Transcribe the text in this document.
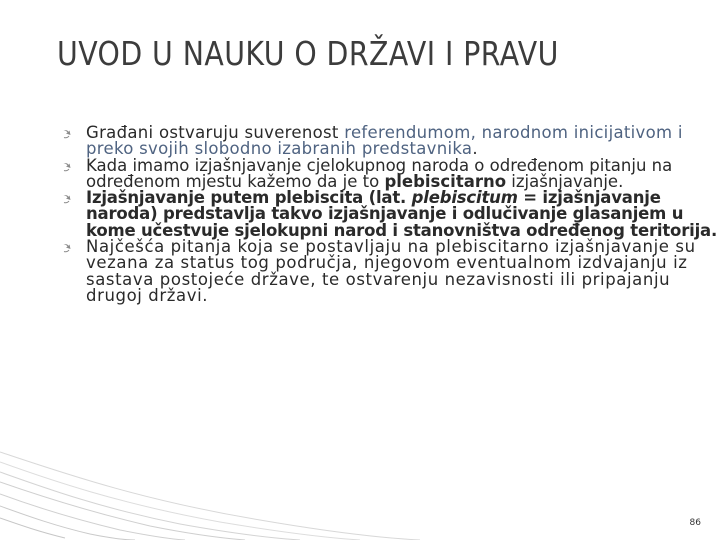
UVOD U NAUKU O DRŽAVI I PRAVU
Građani ostvaruju suverenost referendumom, narodnom inicijativom i preko svojih slobodno izabranih predstavnika.
Kada imamo izjašnjavanje cjelokupnog naroda o određenom pitanju na određenom mjestu kažemo da je to plebiscitarno izjašnjavanje.
Izjašnjavanje putem plebiscita (lat. plebiscitum = izjašnjavanje naroda) predstavlja takvo izjašnjavanje i odlučivanje glasanjem u kome učestvuje sjelokupni narod i stanovništva određenog teritorija.
Najčešća pitanja koja se postavljaju na plebiscitarno izjašnjavanje su vezana za status tog područja, njegovom eventualnom izdvajanju iz sastava postojeće države, te ostvarenju nezavisnosti ili pripajanju drugoj državi.
86
